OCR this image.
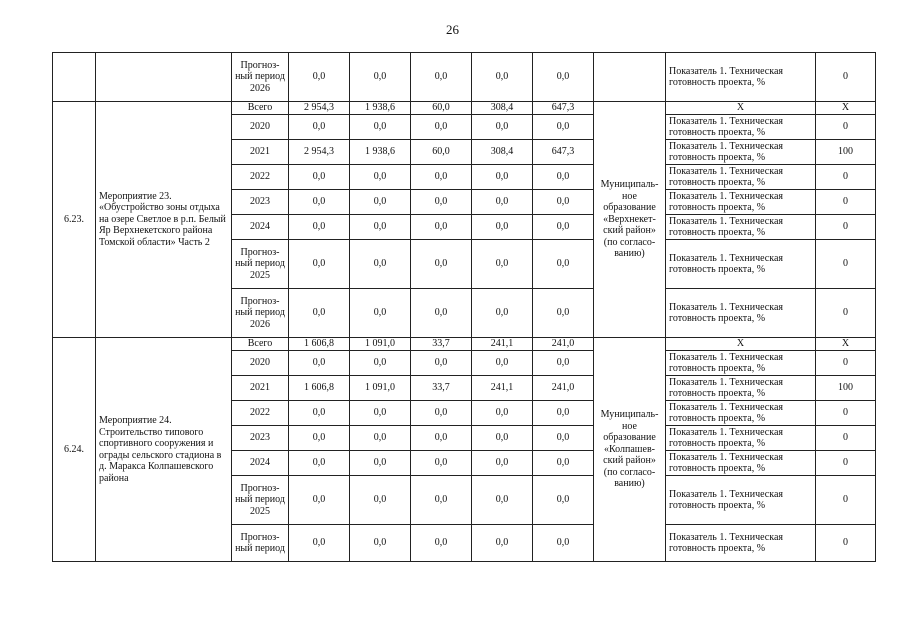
26
		Прогноз-ный период 2026	0,0	0,0	0,0	0,0	0,0		Показатель 1. Техническая готовность проекта, %	0
6.23.	Мероприятие 23. «Обустройство зоны отдыха на озере Светлое в р.п. Белый Яр Верхнекетского района Томской области» Часть 2	Всего	2 954,3	1 938,6	60,0	308,4	647,3	Муниципаль-ное образование «Верхнекет-ский район» (по согласо-ванию)	X	X
		2020	0,0	0,0	0,0	0,0	0,0		Показатель 1. Техническая готовность проекта, %	0
		2021	2 954,3	1 938,6	60,0	308,4	647,3		Показатель 1. Техническая готовность проекта, %	100
		2022	0,0	0,0	0,0	0,0	0,0		Показатель 1. Техническая готовность проекта, %	0
		2023	0,0	0,0	0,0	0,0	0,0		Показатель 1. Техническая готовность проекта, %	0
		2024	0,0	0,0	0,0	0,0	0,0		Показатель 1. Техническая готовность проекта, %	0
		Прогноз-ный период 2025	0,0	0,0	0,0	0,0	0,0		Показатель 1. Техническая готовность проекта, %	0
		Прогноз-ный период 2026	0,0	0,0	0,0	0,0	0,0		Показатель 1. Техническая готовность проекта, %	0
6.24.	Мероприятие 24. Строительство типового спортивного сооружения и ограды сельского стадиона в д. Маракса Колпашевского района	Всего	1 606,8	1 091,0	33,7	241,1	241,0	Муниципаль-ное образование «Колпашев-ский район» (по согласо-ванию)	X	X
		2020	0,0	0,0	0,0	0,0	0,0		Показатель 1. Техническая готовность проекта, %	0
		2021	1 606,8	1 091,0	33,7	241,1	241,0		Показатель 1. Техническая готовность проекта, %	100
		2022	0,0	0,0	0,0	0,0	0,0		Показатель 1. Техническая готовность проекта, %	0
		2023	0,0	0,0	0,0	0,0	0,0		Показатель 1. Техническая готовность проекта, %	0
		2024	0,0	0,0	0,0	0,0	0,0		Показатель 1. Техническая готовность проекта, %	0
		Прогноз-ный период 2025	0,0	0,0	0,0	0,0	0,0		Показатель 1. Техническая готовность проекта, %	0
		Прогноз-ный период	0,0	0,0	0,0	0,0	0,0		Показатель 1. Техническая готовность проекта, %	0
